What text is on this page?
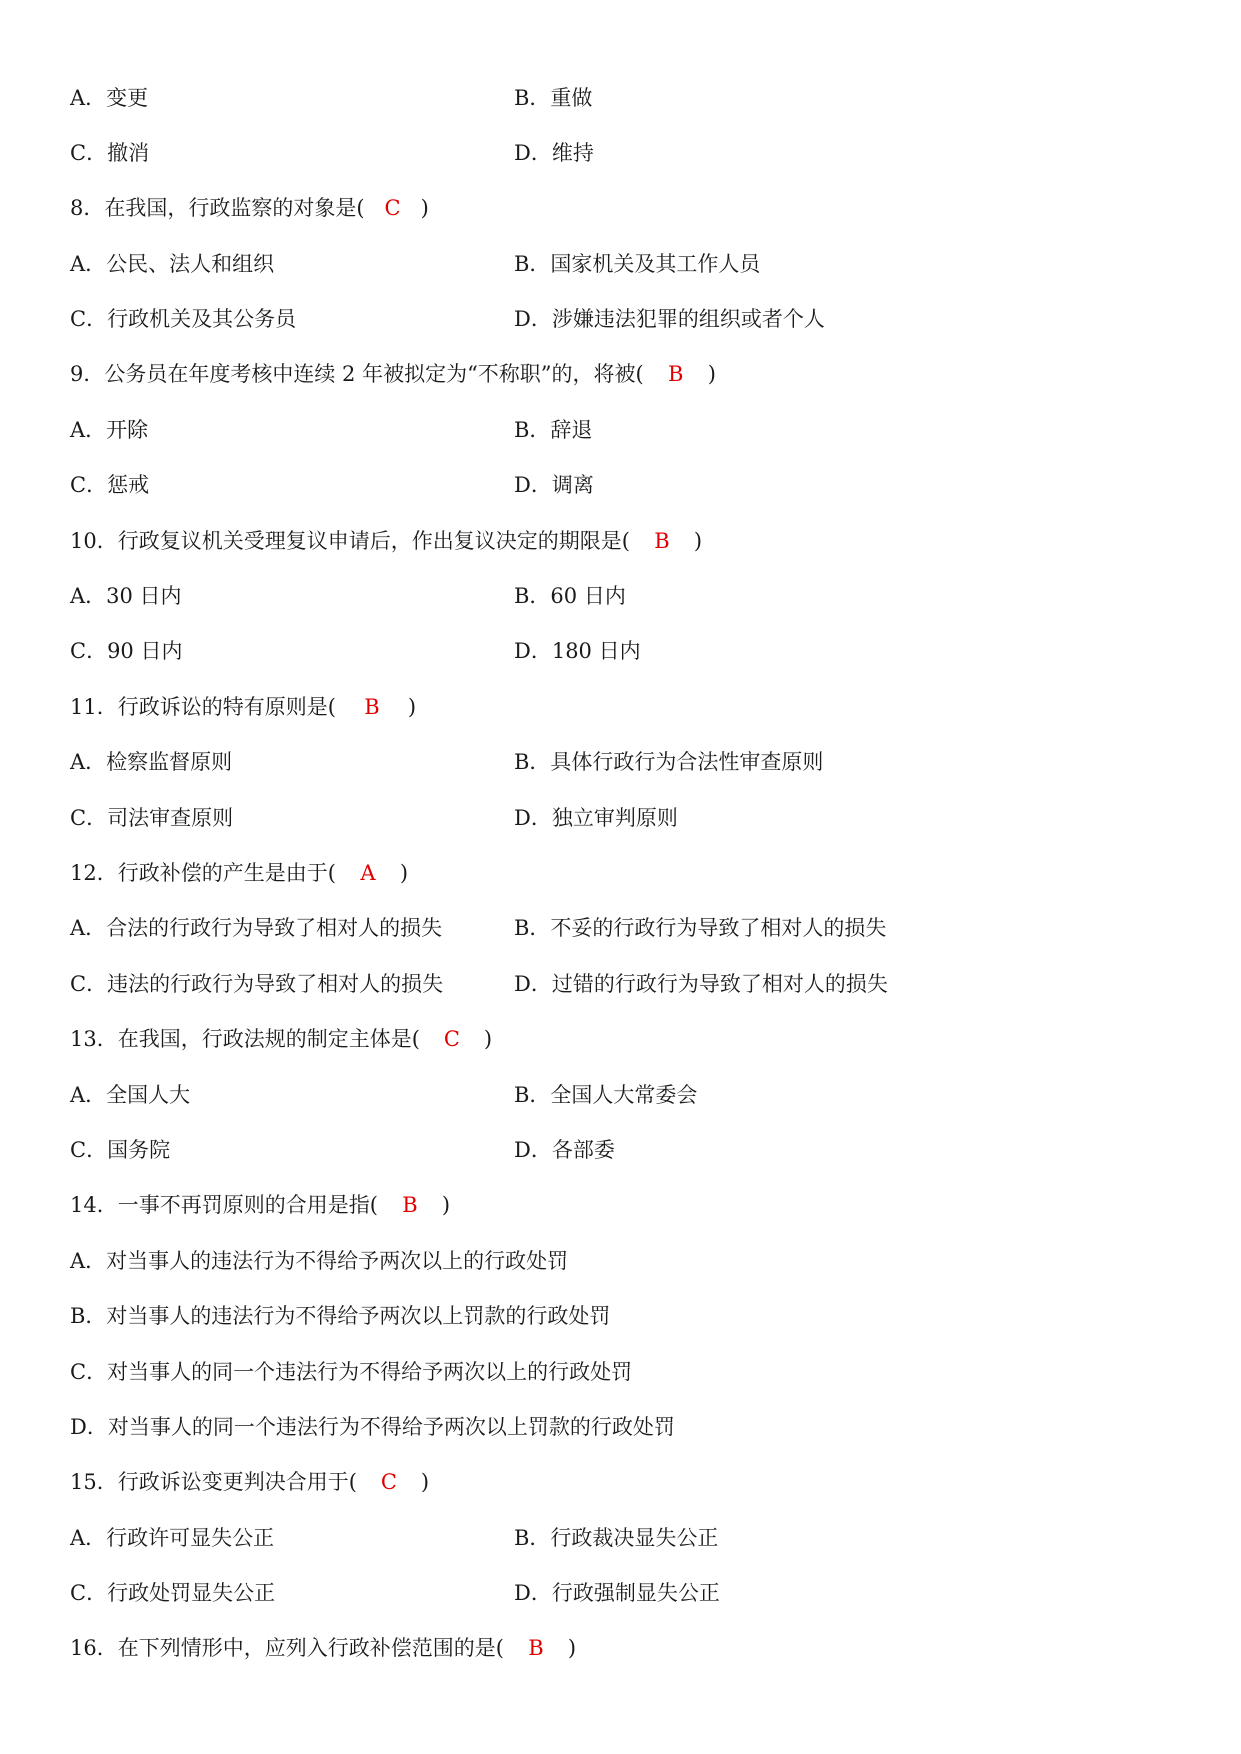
A．变更	B．重做
C．撤消	D．维持
8．在我国，行政监察的对象是( C )
A．公民、法人和组织	B．国家机关及其工作人员
C．行政机关及其公务员	D．涉嫌违法犯罪的组织或者个人
9．公务员在年度考核中连续 2 年被拟定为“不称职”的，将被( B )
A．开除	B．辞退
C．惩戒	D．调离
10．行政复议机关受理复议申请后，作出复议决定的期限是( B )
A．30 日内	B．60 日内
C．90 日内	D．180 日内
11．行政诉讼的特有原则是( B )
A．检察监督原则	B．具体行政行为合法性审查原则
C．司法审查原则	D．独立审判原则
12．行政补偿的产生是由于( A )
A．合法的行政行为导致了相对人的损失	B．不妥的行政行为导致了相对人的损失
C．违法的行政行为导致了相对人的损失	D．过错的行政行为导致了相对人的损失
13．在我国，行政法规的制定主体是( C )
A．全国人大	B．全国人大常委会
C．国务院	D．各部委
14．一事不再罚原则的合用是指( B )
A．对当事人的违法行为不得给予两次以上的行政处罚
B．对当事人的违法行为不得给予两次以上罚款的行政处罚
C．对当事人的同一个违法行为不得给予两次以上的行政处罚
D．对当事人的同一个违法行为不得给予两次以上罚款的行政处罚
15．行政诉讼变更判决合用于( C )
A．行政许可显失公正	B．行政裁决显失公正
C．行政处罚显失公正	D．行政强制显失公正
16．在下列情形中，应列入行政补偿范围的是( B )
